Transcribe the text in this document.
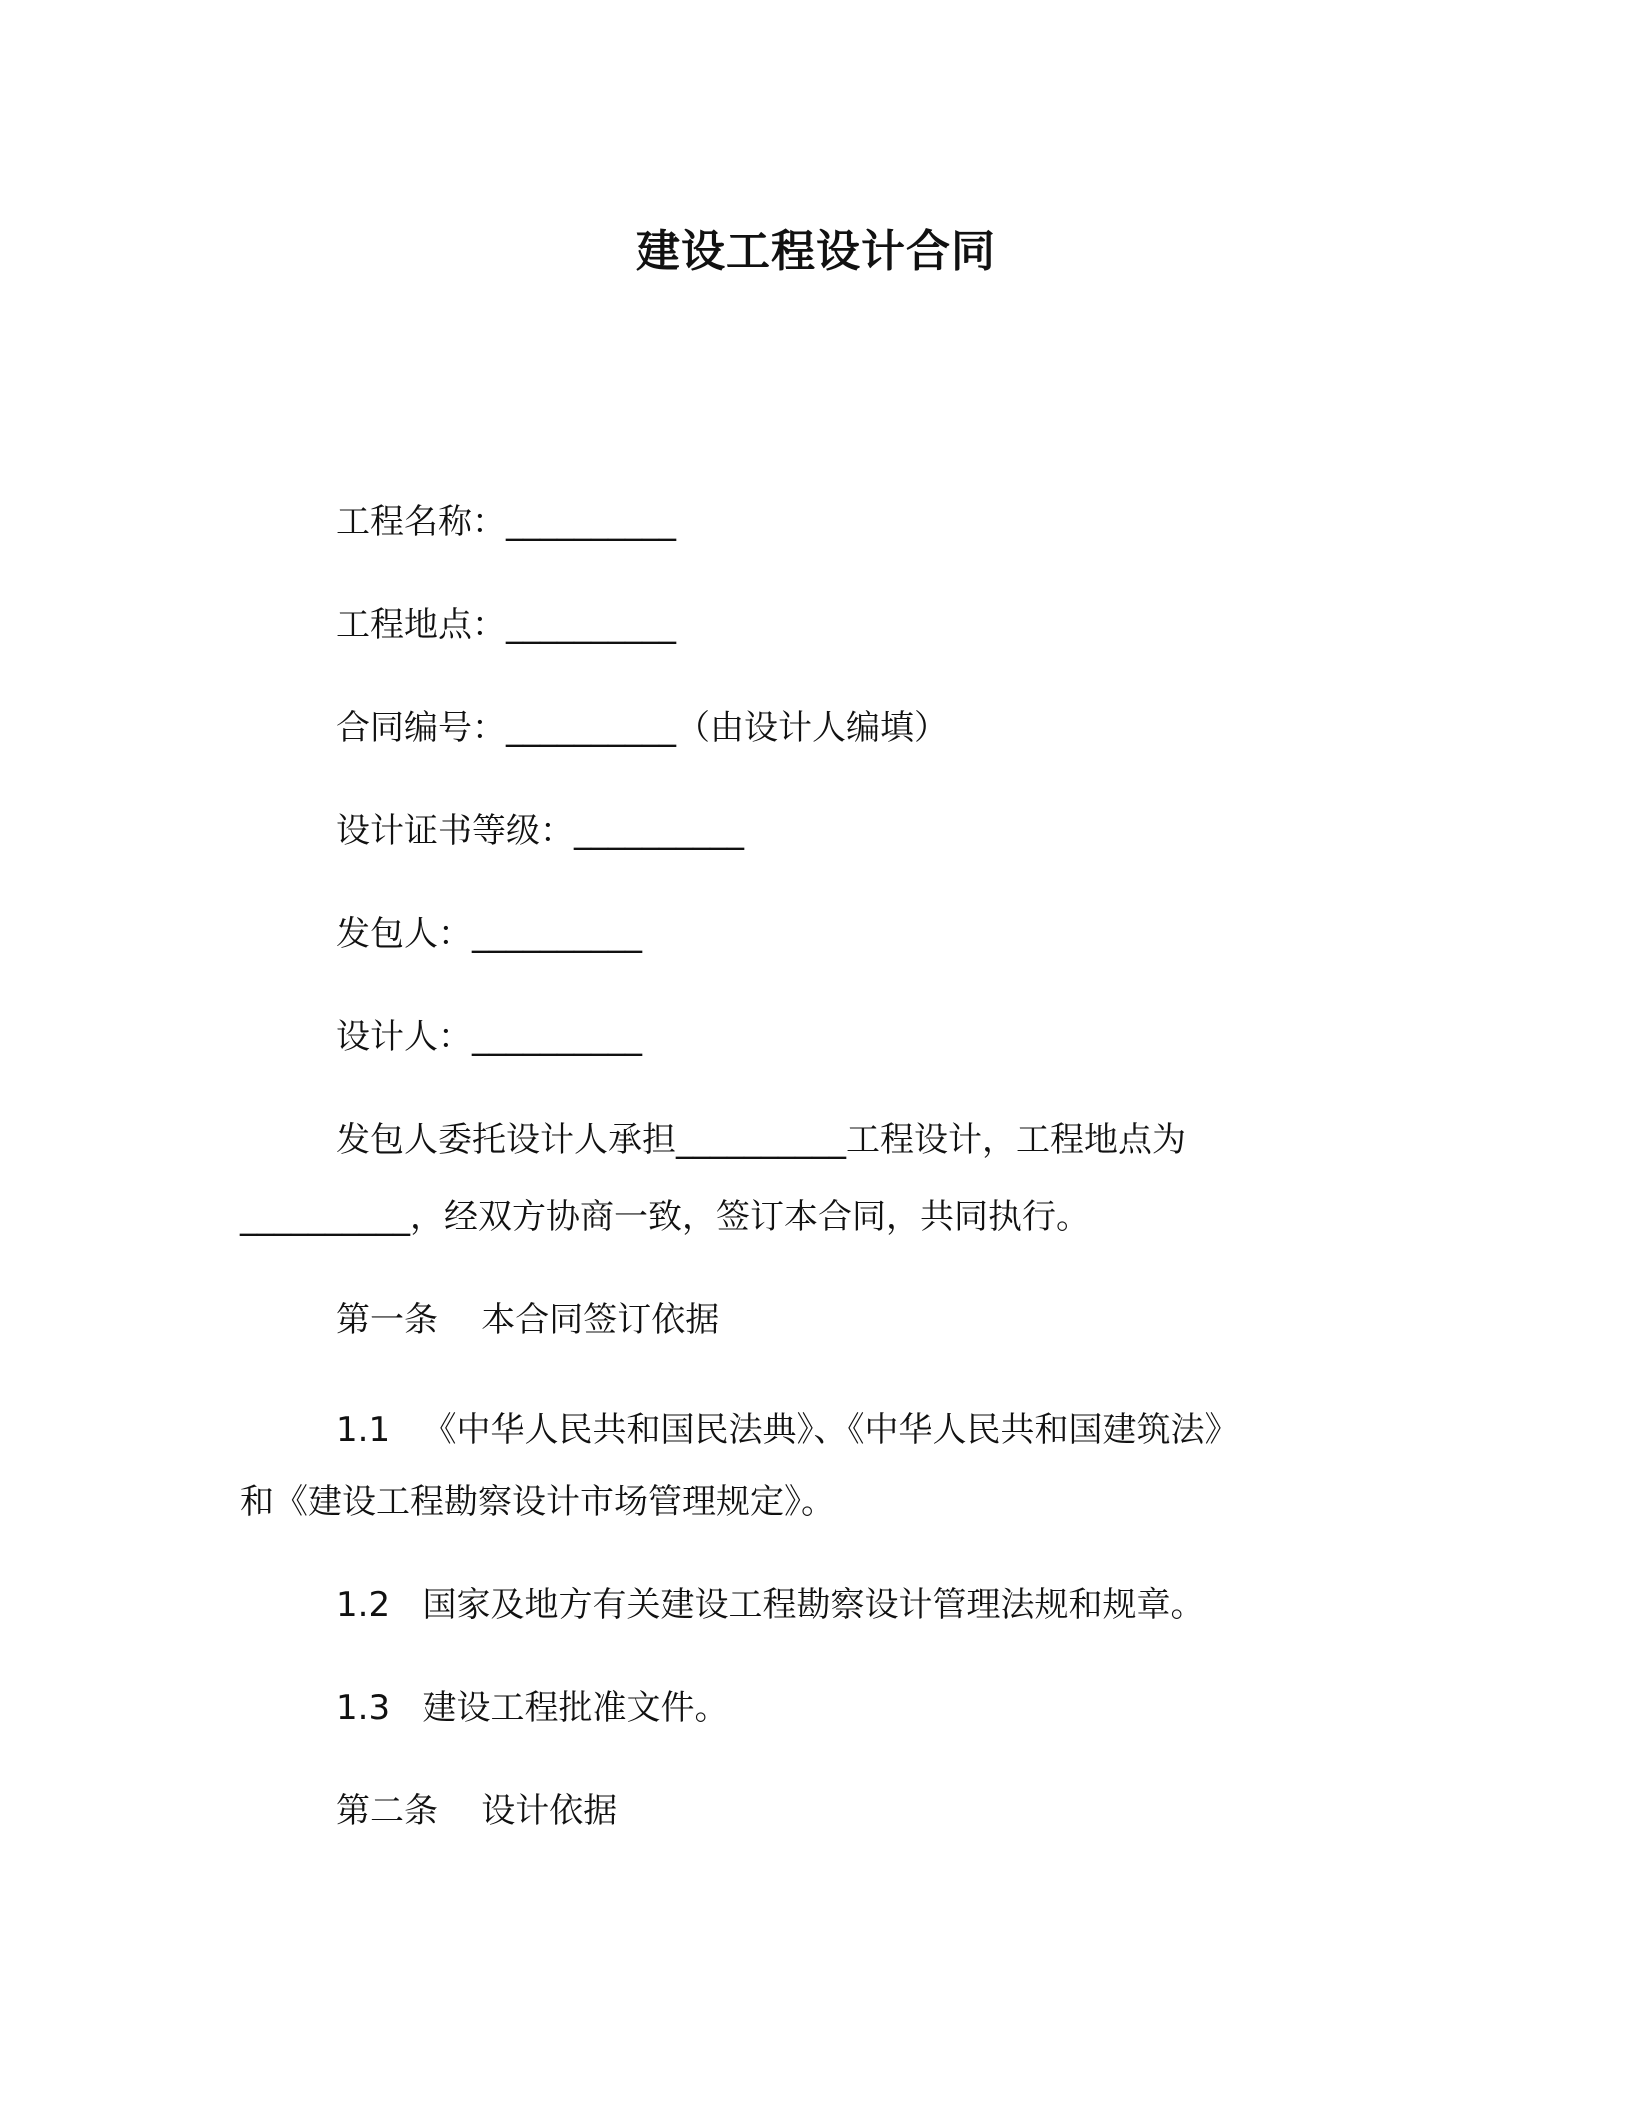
建设工程设计合同
工程名称：__________
工程地点：__________
合同编号：__________（由设计人编填）
设计证书等级：__________
发包人：__________
设计人：__________
发包人委托设计人承担__________工程设计，工程地点为
__________，经双方协商一致，签订本合同，共同执行。
第一条    本合同签订依据
1.1   《中华人民共和国民法典》、《中华人民共和国建筑法》
和《建设工程勘察设计市场管理规定》。
1.2   国家及地方有关建设工程勘察设计管理法规和规章。
1.3   建设工程批准文件。
第二条    设计依据
